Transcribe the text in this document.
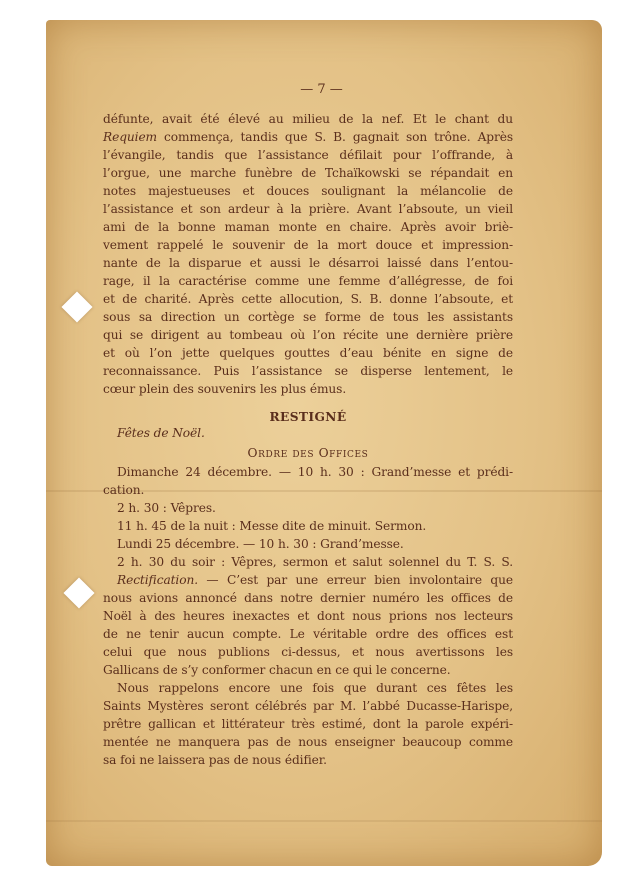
— 7 —
défunte, avait été élevé au milieu de la nef. Et le chant du
Requiem commença, tandis que S. B. gagnait son trône. Après
l’évangile, tandis que l’assistance défilait pour l’offrande, à
l’orgue, une marche funèbre de Tchaïkowski se répandait en
notes majestueuses et douces soulignant la mélancolie de
l’assistance et son ardeur à la prière. Avant l’absoute, un vieil
ami de la bonne maman monte en chaire. Après avoir briè-
vement rappelé le souvenir de la mort douce et impression-
nante de la disparue et aussi le désarroi laissé dans l’entou-
rage, il la caractérise comme une femme d’allégresse, de foi
et de charité. Après cette allocution, S. B. donne l’absoute, et
sous sa direction un cortège se forme de tous les assistants
qui se dirigent au tombeau où l’on récite une dernière prière
et où l’on jette quelques gouttes d’eau bénite en signe de
reconnaissance. Puis l’assistance se disperse lentement, le
cœur plein des souvenirs les plus émus.
RESTIGNÉ
Fêtes de Noël.
Ordre des Offices
Dimanche 24 décembre. — 10 h. 30 : Grand’messe et prédi-
cation.
2 h. 30 : Vêpres.
11 h. 45 de la nuit : Messe dite de minuit. Sermon.
Lundi 25 décembre. — 10 h. 30 : Grand’messe.
2 h. 30 du soir : Vêpres, sermon et salut solennel du T. S. S.
Rectification. — C’est par une erreur bien involontaire que
nous avions annoncé dans notre dernier numéro les offices de
Noël à des heures inexactes et dont nous prions nos lecteurs
de ne tenir aucun compte. Le véritable ordre des offices est
celui que nous publions ci-dessus, et nous avertissons les
Gallicans de s’y conformer chacun en ce qui le concerne.
Nous rappelons encore une fois que durant ces fêtes les
Saints Mystères seront célébrés par M. l’abbé Ducasse-Harispe,
prêtre gallican et littérateur très estimé, dont la parole expéri-
mentée ne manquera pas de nous enseigner beaucoup comme
sa foi ne laissera pas de nous édifier.
